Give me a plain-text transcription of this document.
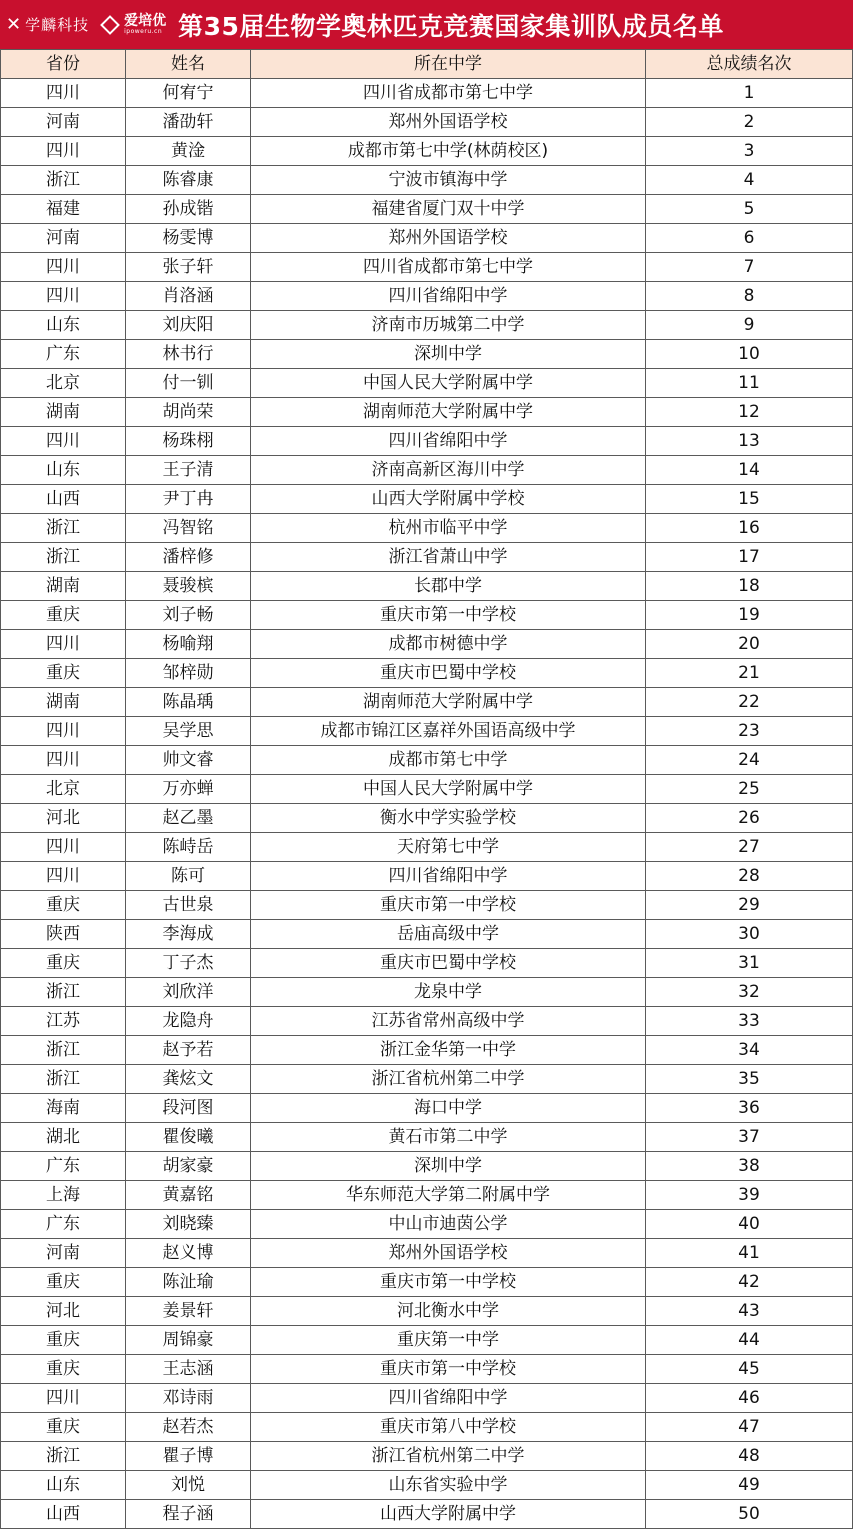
✕ 学麟科技	爱培优
ipoweru.cn 第35届生物学奥林匹克竞赛国家集训队成员名单
省份	姓名	所在中学	总成绩名次
四川	何宥宁	四川省成都市第七中学	1
河南	潘劭轩	郑州外国语学校	2
四川	黄淦	成都市第七中学(林荫校区)	3
浙江	陈睿康	宁波市镇海中学	4
福建	孙成锴	福建省厦门双十中学	5
河南	杨雯博	郑州外国语学校	6
四川	张子轩	四川省成都市第七中学	7
四川	肖洛涵	四川省绵阳中学	8
山东	刘庆阳	济南市历城第二中学	9
广东	林书行	深圳中学	10
北京	付一钏	中国人民大学附属中学	11
湖南	胡尚荣	湖南师范大学附属中学	12
四川	杨珠栩	四川省绵阳中学	13
山东	王子清	济南高新区海川中学	14
山西	尹丁冉	山西大学附属中学校	15
浙江	冯智铭	杭州市临平中学	16
浙江	潘梓修	浙江省萧山中学	17
湖南	聂骏槟	长郡中学	18
重庆	刘子畅	重庆市第一中学校	19
四川	杨喻翔	成都市树德中学	20
重庆	邹梓勋	重庆市巴蜀中学校	21
湖南	陈晶瑀	湖南师范大学附属中学	22
四川	吴学思	成都市锦江区嘉祥外国语高级中学	23
四川	帅文睿	成都市第七中学	24
北京	万亦蝉	中国人民大学附属中学	25
河北	赵乙墨	衡水中学实验学校	26
四川	陈峙岳	天府第七中学	27
四川	陈可	四川省绵阳中学	28
重庆	古世泉	重庆市第一中学校	29
陕西	李海成	岳庙高级中学	30
重庆	丁子杰	重庆市巴蜀中学校	31
浙江	刘欣洋	龙泉中学	32
江苏	龙隐舟	江苏省常州高级中学	33
浙江	赵予若	浙江金华第一中学	34
浙江	龚炫文	浙江省杭州第二中学	35
海南	段河图	海口中学	36
湖北	瞿俊曦	黄石市第二中学	37
广东	胡家豪	深圳中学	38
上海	黄嘉铭	华东师范大学第二附属中学	39
广东	刘晓臻	中山市迪茵公学	40
河南	赵义博	郑州外国语学校	41
重庆	陈沚瑜	重庆市第一中学校	42
河北	姜景轩	河北衡水中学	43
重庆	周锦豪	重庆第一中学	44
重庆	王志涵	重庆市第一中学校	45
四川	邓诗雨	四川省绵阳中学	46
重庆	赵若杰	重庆市第八中学校	47
浙江	瞿子博	浙江省杭州第二中学	48
山东	刘悦	山东省实验中学	49
山西	程子涵	山西大学附属中学	50
